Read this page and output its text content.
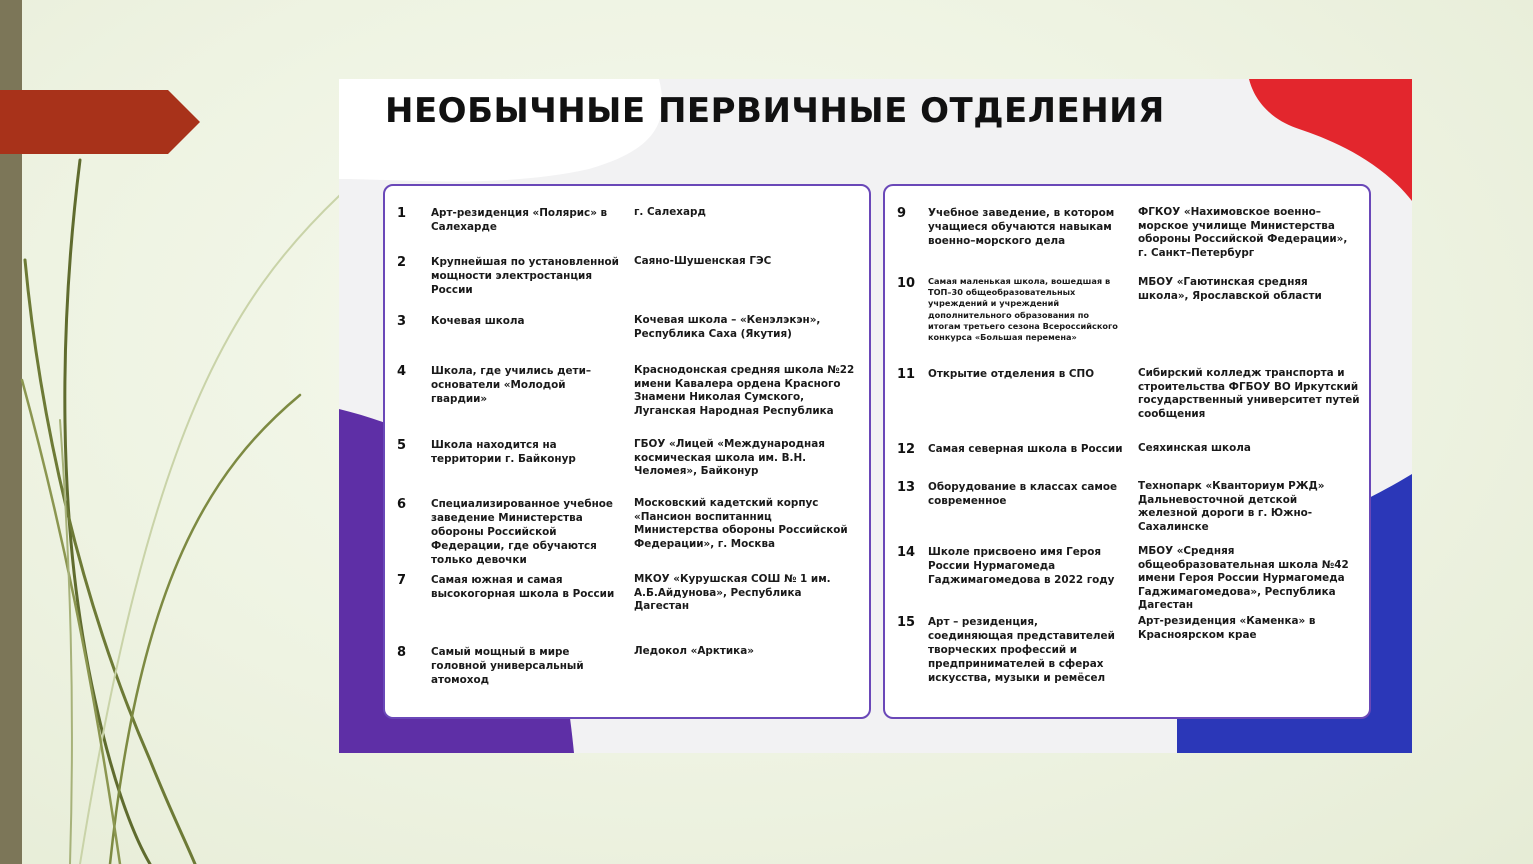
НЕОБЫЧНЫЕ ПЕРВИЧНЫЕ ОТДЕЛЕНИЯ
1 Арт-резиденция «Полярис» в Салехарде
г. Салехард
2 Крупнейшая по установленной мощности электростанция России
Саяно-Шушенская ГЭС
3 Кочевая школа	Кочевая школа – «Кенэлэкэн», Республика Саха (Якутия)
4 Школа, где учились дети–основатели «Молодой гвардии»
Краснодонская средняя школа №22 имени Кавалера ордена Красного Знамени Николая Сумского, Луганская Народная Республика
5 Школа находится на территории г. Байконур
ГБОУ «Лицей «Международная космическая школа им. В.Н. Челомея», Байконур
6 Специализированное учебное заведение Министерства обороны Российской Федерации, где обучаются только девочки
Московский кадетский корпус «Пансион воспитанниц Министерства обороны Российской Федерации», г. Москва
7 Самая южная и самая высокогорная школа в России
МКОУ «Курушская СОШ № 1 им. А.Б.Айдунова», Республика Дагестан
8 Самый мощный в мире головной универсальный атомоход
Ледокол «Арктика»
9 Учебное заведение, в котором учащиеся обучаются навыкам военно–морского дела
ФГКОУ «Нахимовское военно–морское училище Министерства обороны Российской Федерации», г. Санкт–Петербург
10 Самая маленькая школа, вошедшая в ТОП–30 общеобразовательных учреждений и учреждений дополнительного образования по итогам третьего сезона Всероссийского конкурса «Большая перемена»
МБОУ «Гаютинская средняя школа», Ярославской области
11 Открытие отделения в СПО	Сибирский колледж транспорта и строительства ФГБОУ ВО Иркутский государственный университет путей сообщения
12 Самая северная школа в России Сеяхинская школа
13 Оборудование в классах самое современное
Технопарк «Кванториум РЖД» Дальневосточной детской железной дороги в г. Южно-Сахалинске
14 Школе присвоено имя Героя России Нурмагомеда Гаджимагомедова в 2022 году
МБОУ «Средняя общеобразовательная школа №42 имени Героя России Нурмагомеда Гаджимагомедова», Республика Дагестан
15 Арт – резиденция, соединяющая представителей творческих профессий и предпринимателей в сферах искусства, музыки и ремёсел
Арт-резиденция «Каменка» в Красноярском крае
